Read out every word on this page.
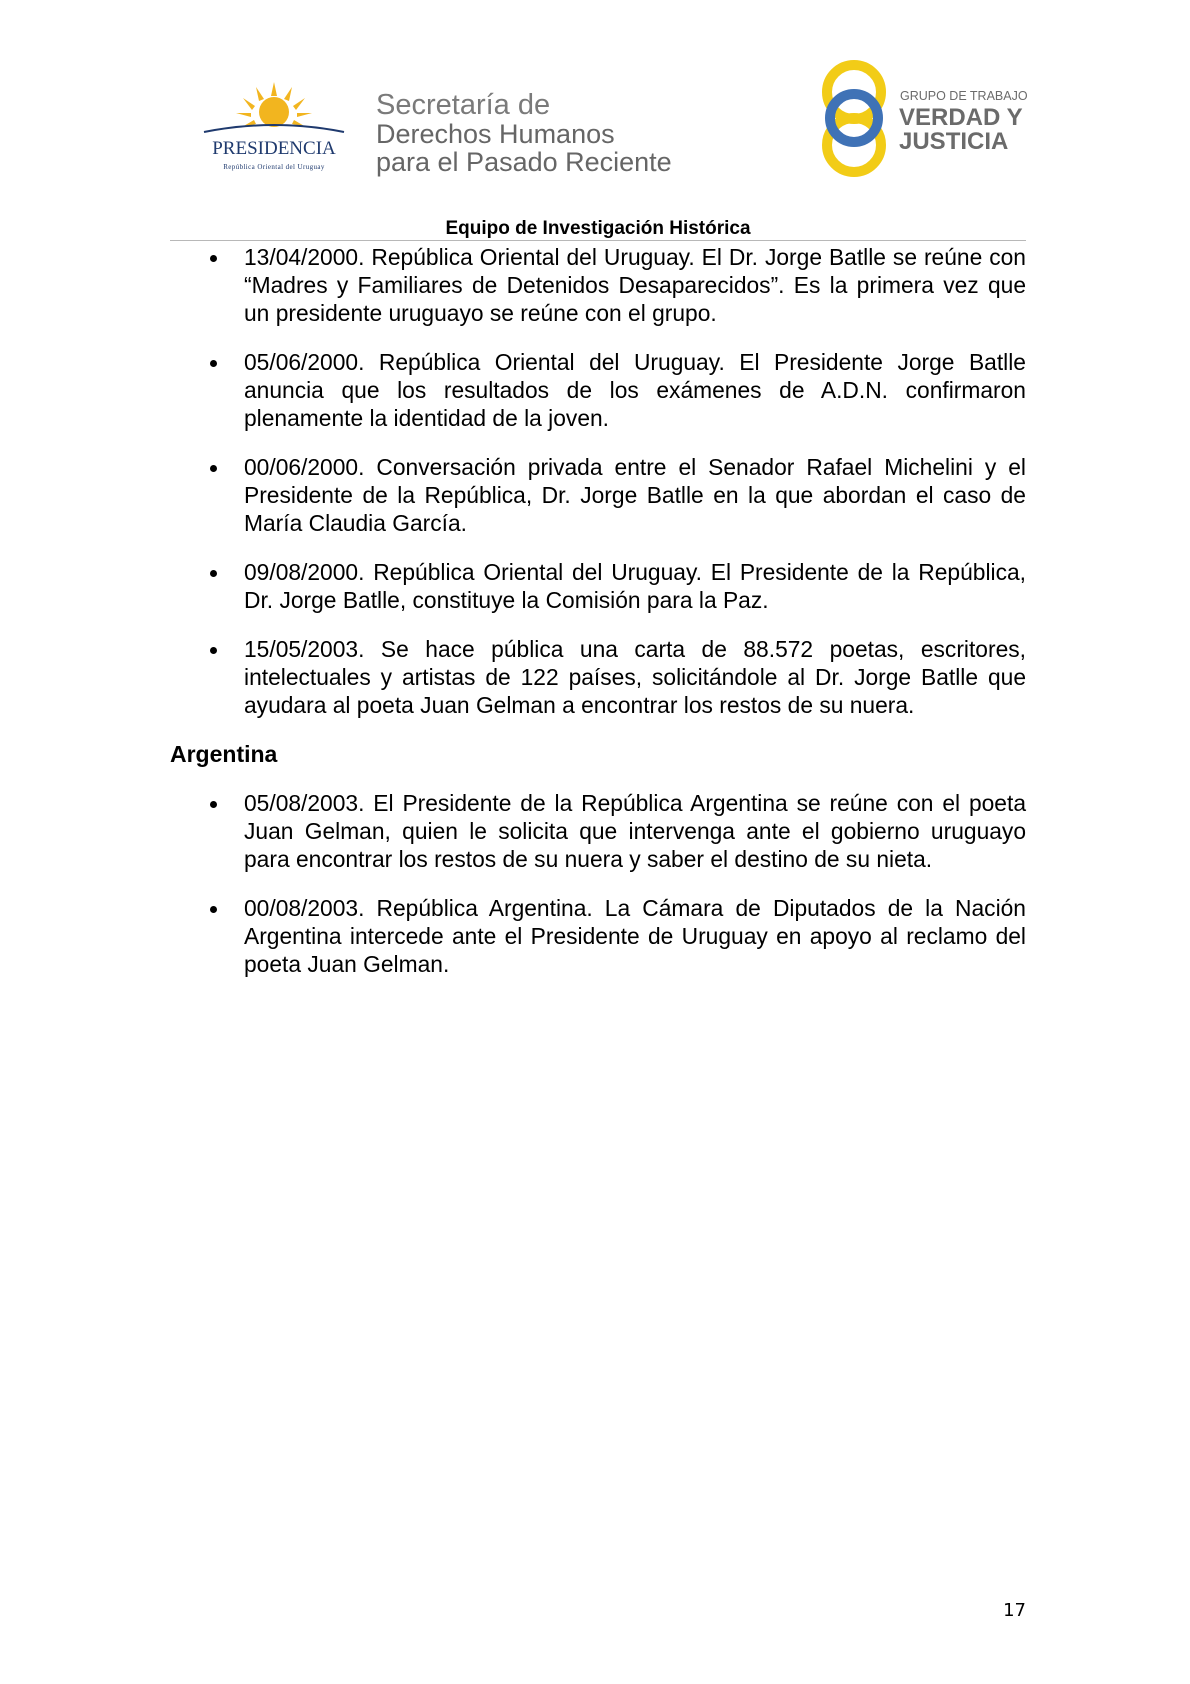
PRESIDENCIA
República Oriental del Uruguay
Secretaría de
Derechos Humanos
para el Pasado Reciente
GRUPO DE TRABAJO
VERDAD Y
JUSTICIA
Equipo de Investigación Histórica
13/04/2000. República Oriental del Uruguay. El Dr. Jorge Batlle se reúne con “Madres y Familiares de Detenidos Desaparecidos”. Es la primera vez que un presidente uruguayo se reúne con el grupo.
05/06/2000. República Oriental del Uruguay. El Presidente Jorge Batlle anuncia que los resultados de los exámenes de A.D.N. confirmaron plenamente la identidad de la joven.
00/06/2000. Conversación privada entre el Senador Rafael Michelini y el Presidente de la República, Dr. Jorge Batlle en la que abordan el caso de María Claudia García.
09/08/2000. República Oriental del Uruguay. El Presidente de la República, Dr. Jorge Batlle, constituye la Comisión para la Paz.
15/05/2003. Se hace pública una carta de 88.572 poetas, escritores, intelectuales y artistas de 122 países, solicitándole al Dr. Jorge Batlle que ayudara al poeta Juan Gelman a encontrar los restos de su nuera.
Argentina
05/08/2003. El Presidente de la República Argentina se reúne con el poeta Juan Gelman, quien le solicita que intervenga ante el gobierno uruguayo para encontrar los restos de su nuera y saber el destino de su nieta.
00/08/2003. República Argentina. La Cámara de Diputados de la Nación Argentina intercede ante el Presidente de Uruguay en apoyo al reclamo del poeta Juan Gelman.
17
